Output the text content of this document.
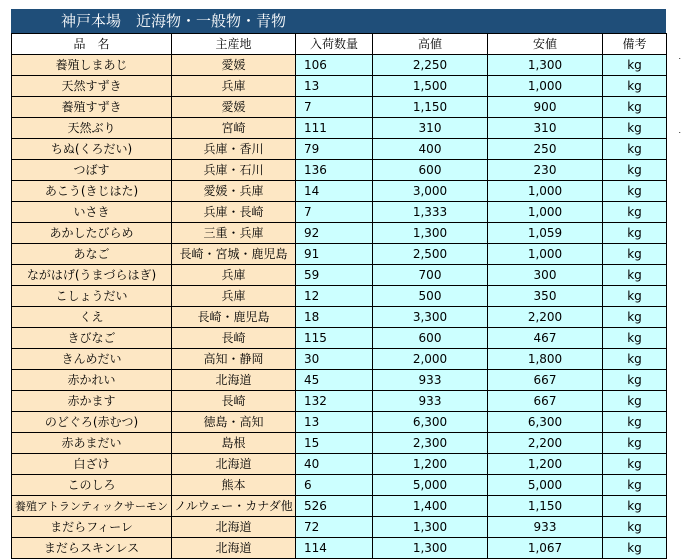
神戸本場　近海物・一般物・青物
品　名	主産地	入荷数量	高値	安値	備考
養殖しまあじ	愛媛	106	2,250	1,300	kg
天然すずき	兵庫	13	1,500	1,000	kg
養殖すずき	愛媛	7	1,150	900	kg
天然ぶり	宮崎	111	310	310	kg
ちぬ(くろだい)	兵庫・香川	79	400	250	kg
つばす	兵庫・石川	136	600	230	kg
あこう(きじはた)	愛媛・兵庫	14	3,000	1,000	kg
いさき	兵庫・長崎	7	1,333	1,000	kg
あかしたびらめ	三重・兵庫	92	1,300	1,059	kg
あなご	長崎・宮城・鹿児島	91	2,500	1,000	kg
ながはげ(うまづらはぎ)	兵庫	59	700	300	kg
こしょうだい	兵庫	12	500	350	kg
くえ	長崎・鹿児島	18	3,300	2,200	kg
きびなご	長崎	115	600	467	kg
きんめだい	高知・静岡	30	2,000	1,800	kg
赤かれい	北海道	45	933	667	kg
赤かます	長崎	132	933	667	kg
のどぐろ(赤むつ)	徳島・高知	13	6,300	6,300	kg
赤あまだい	島根	15	2,300	2,200	kg
白ざけ	北海道	40	1,200	1,200	kg
このしろ	熊本	6	5,000	5,000	kg
養殖アトランティックサーモン	ノルウェー・カナダ他	526	1,400	1,150	kg
まだらフィーレ	北海道	72	1,300	933	kg
まだらスキンレス	北海道	114	1,300	1,067	kg
.
.
